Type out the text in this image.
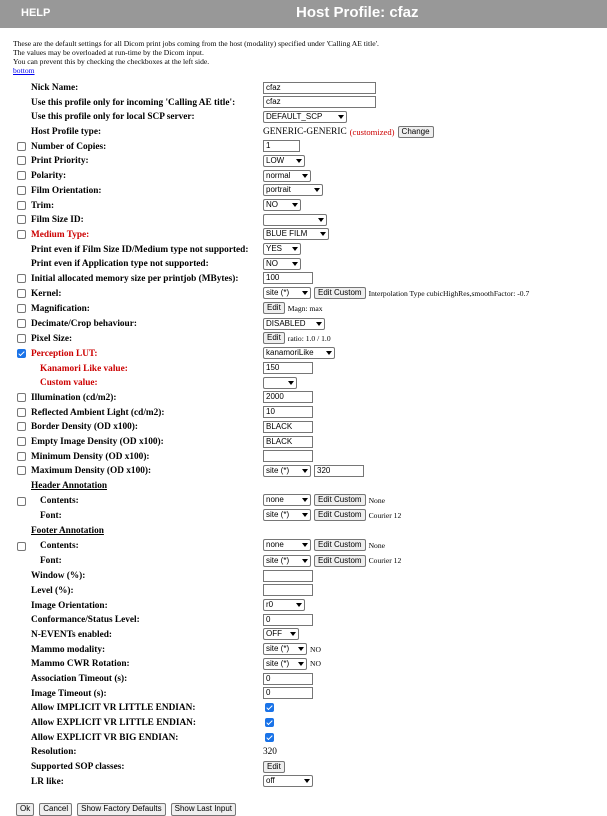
HELP	Host Profile: cfaz
These are the default settings for all Dicom print jobs coming from the host (modality) specified under 'Calling AE title'.
The values may be overloaded at run-time by the Dicom input.
You can prevent this by checking the checkboxes at the left side.
bottom
Nick Name:	cfaz
Use this profile only for incoming 'Calling AE title':	cfaz
Use this profile only for local SCP server:	DEFAULT_SCP
Host Profile type:	GENERIC-GENERIC (customized) Change
Number of Copies:	1
Print Priority:	LOW
Polarity:	normal
Film Orientation:	portrait
Trim:	NO
Film Size ID:
Medium Type:	BLUE FILM
Print even if Film Size ID/Medium type not supported: YES
Print even if Application type not supported:	NO
Initial allocated memory size per printjob (MBytes):	100
Kernel:	site (*)	Edit Custom Interpolation Type cubicHighRes,smoothFactor: -0.7
Magnification:	Edit Magn: max
Decimate/Crop behaviour:	DISABLED
Pixel Size:	Edit ratio: 1.0 / 1.0
Perception LUT:	kanamoriLike
Kanamori Like value:	150
Custom value:
Illumination (cd/m2):	2000
Reflected Ambient Light (cd/m2):	10
Border Density (OD x100):	BLACK
Empty Image Density (OD x100):	BLACK
Minimum Density (OD x100):
Maximum Density (OD x100):	site (*)	320
Header Annotation
Contents:	none	Edit Custom None
Font:	site (*)	Edit Custom Courier 12
Footer Annotation
Contents:	none	Edit Custom None
Font:	site (*)	Edit Custom Courier 12
Window (%):
Level (%):
Image Orientation:	r0
Conformance/Status Level:	0
N-EVENTs enabled:	OFF
Mammo modality:	site (*)	NO
Mammo CWR Rotation:	site (*)	NO
Association Timeout (s):	0
Image Timeout (s):	0
Allow IMPLICIT VR LITTLE ENDIAN:
Allow EXPLICIT VR LITTLE ENDIAN:
Allow EXPLICIT VR BIG ENDIAN:
Resolution:	320
Supported SOP classes:	Edit
LR like:	off
Ok	Cancel	Show Factory Defaults	Show Last Input
